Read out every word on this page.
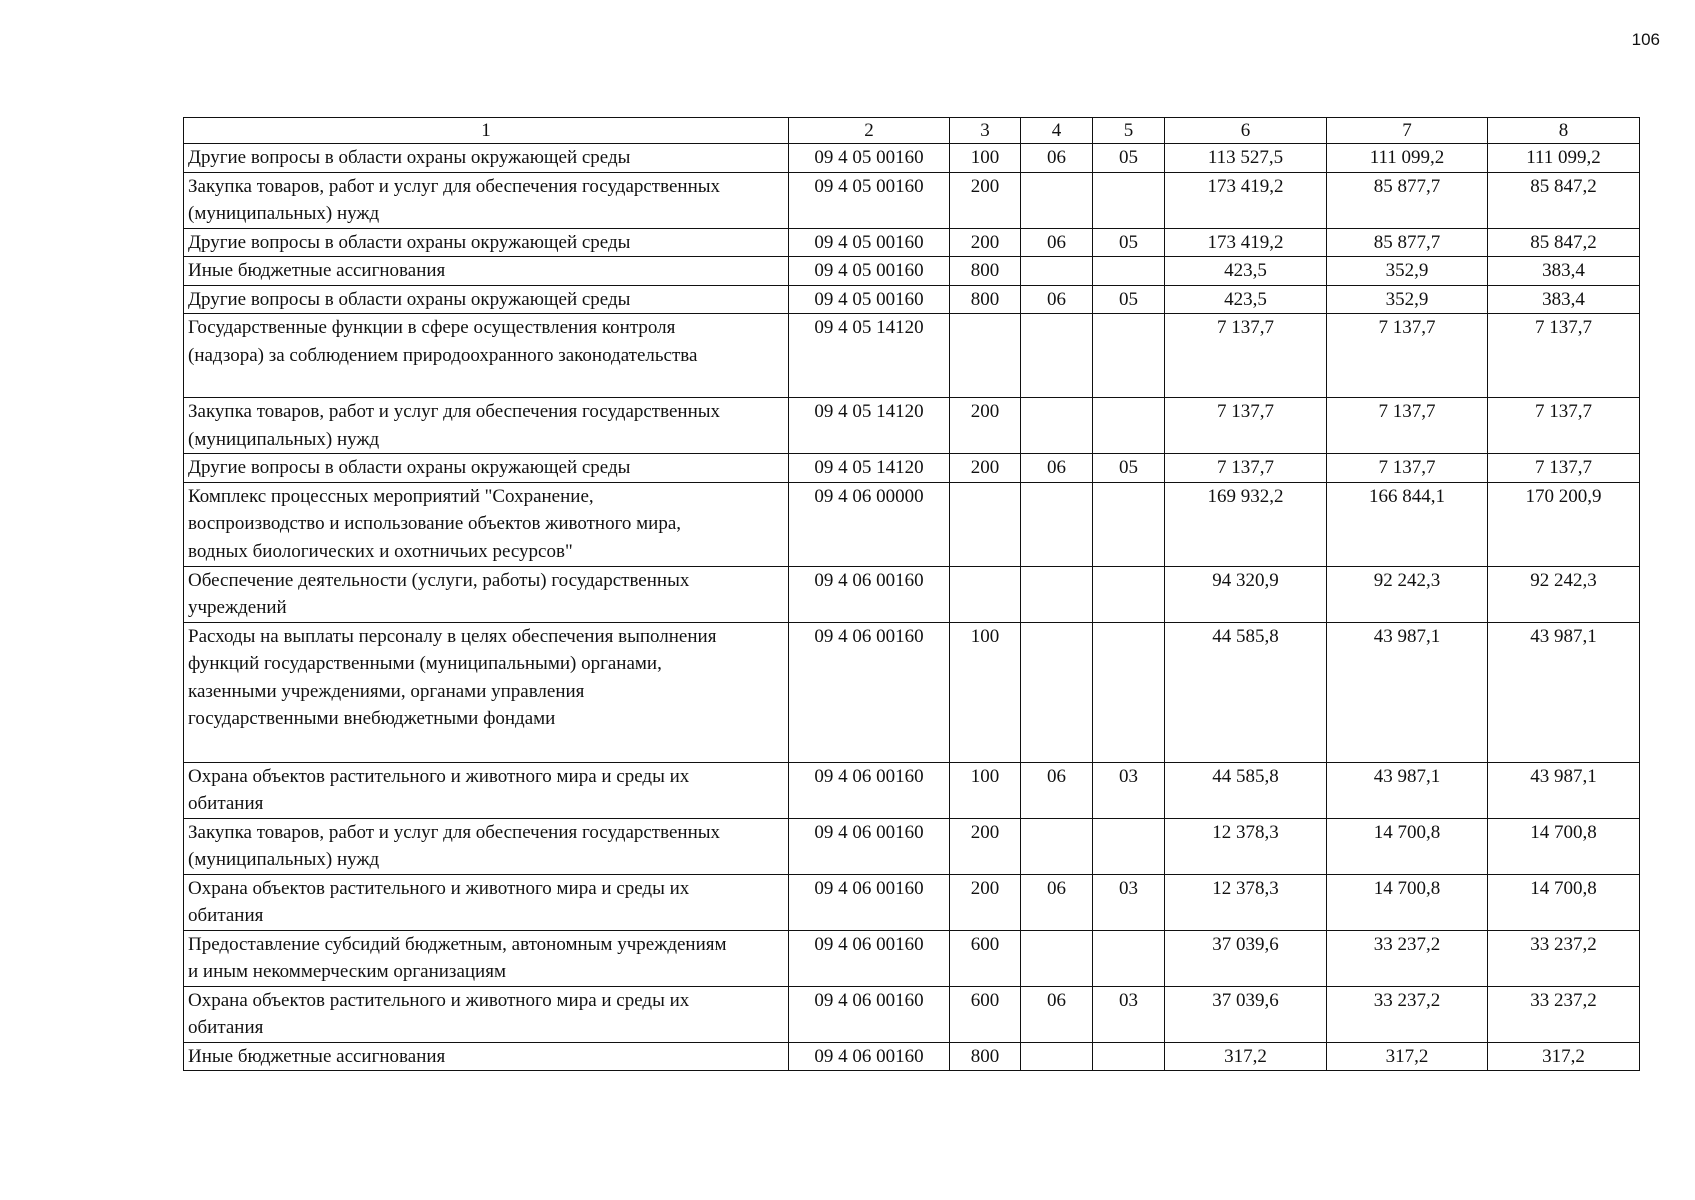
106
1	2	3	4	5	6	7	8
Другие вопросы в области охраны окружающей среды	09 4 05 00160	100	06	05	113 527,5	111 099,2	111 099,2
Закупка товаров, работ и услуг для обеспечения государственных
(муниципальных) нужд	09 4 05 00160	200			173 419,2	85 877,7	85 847,2
Другие вопросы в области охраны окружающей среды	09 4 05 00160	200	06	05	173 419,2	85 877,7	85 847,2
Иные бюджетные ассигнования	09 4 05 00160	800			423,5	352,9	383,4
Другие вопросы в области охраны окружающей среды	09 4 05 00160	800	06	05	423,5	352,9	383,4
Государственные функции в сфере осуществления контроля
(надзора) за соблюдением природоохранного законодательства	09 4 05 14120				7 137,7	7 137,7	7 137,7
Закупка товаров, работ и услуг для обеспечения государственных
(муниципальных) нужд	09 4 05 14120	200			7 137,7	7 137,7	7 137,7
Другие вопросы в области охраны окружающей среды	09 4 05 14120	200	06	05	7 137,7	7 137,7	7 137,7
Комплекс процессных мероприятий "Сохранение,
воспроизводство и использование объектов животного мира,
водных биологических и охотничьих ресурсов"	09 4 06 00000				169 932,2	166 844,1	170 200,9
Обеспечение деятельности (услуги, работы) государственных
учреждений	09 4 06 00160				94 320,9	92 242,3	92 242,3
Расходы на выплаты персоналу в целях обеспечения выполнения
функций государственными (муниципальными) органами,
казенными учреждениями, органами управления
государственными внебюджетными фондами	09 4 06 00160	100			44 585,8	43 987,1	43 987,1
Охрана объектов растительного и животного мира и среды их
обитания	09 4 06 00160	100	06	03	44 585,8	43 987,1	43 987,1
Закупка товаров, работ и услуг для обеспечения государственных
(муниципальных) нужд	09 4 06 00160	200			12 378,3	14 700,8	14 700,8
Охрана объектов растительного и животного мира и среды их
обитания	09 4 06 00160	200	06	03	12 378,3	14 700,8	14 700,8
Предоставление субсидий бюджетным, автономным учреждениям
и иным некоммерческим организациям	09 4 06 00160	600			37 039,6	33 237,2	33 237,2
Охрана объектов растительного и животного мира и среды их
обитания	09 4 06 00160	600	06	03	37 039,6	33 237,2	33 237,2
Иные бюджетные ассигнования	09 4 06 00160	800			317,2	317,2	317,2
